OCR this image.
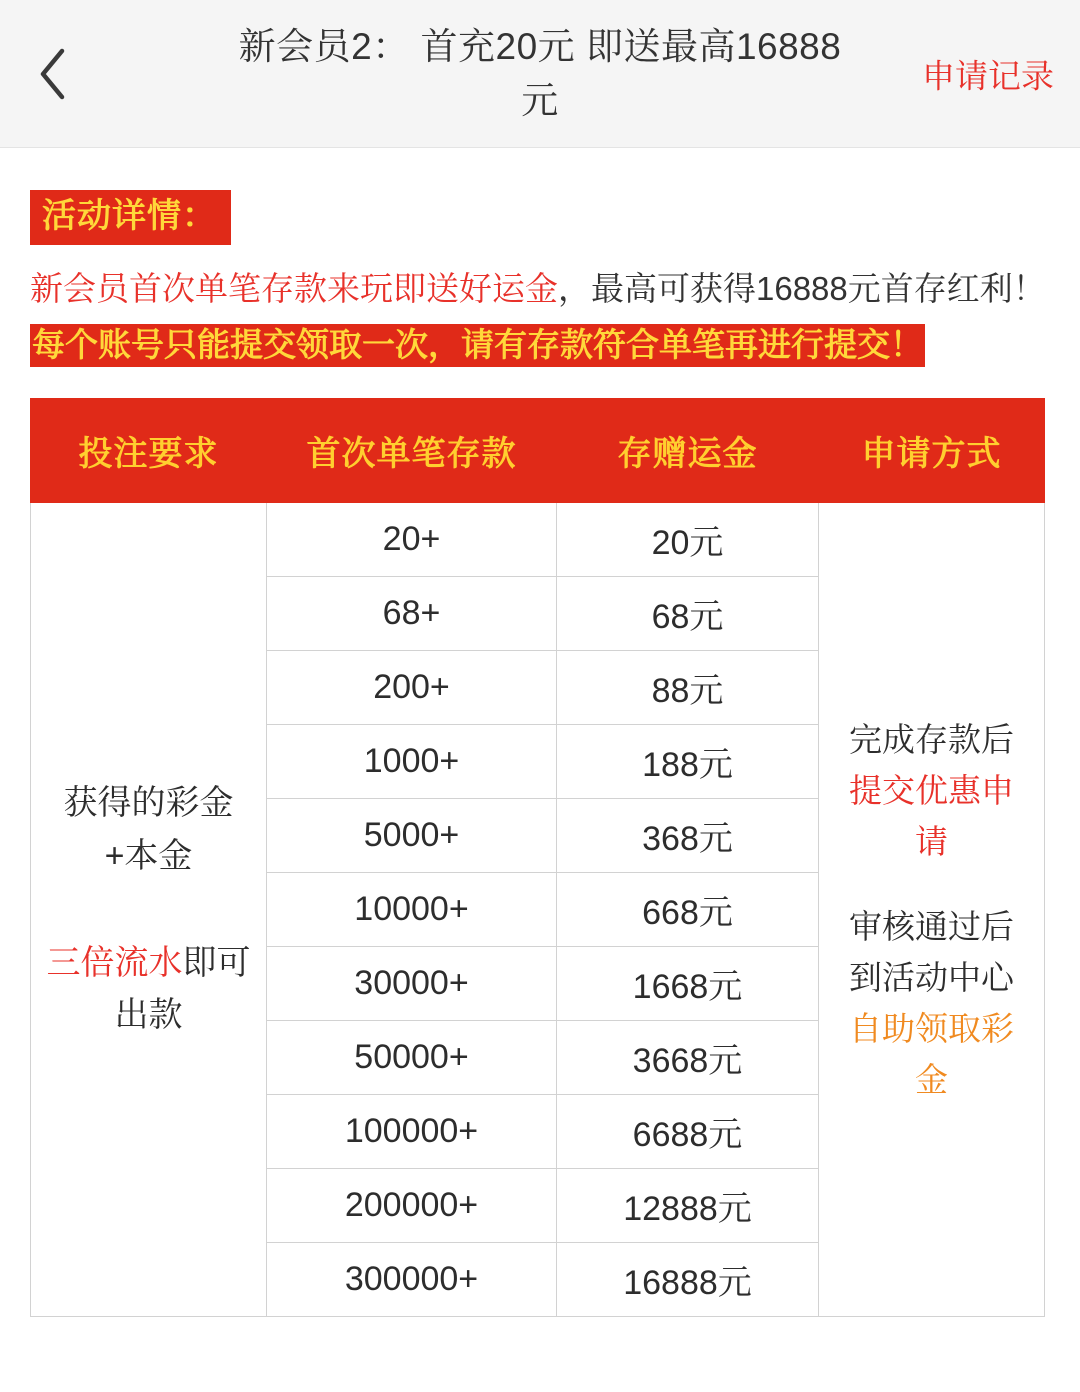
新会员2： 首充20元 即送最高16888元
申请记录
活动详情：
新会员首次单笔存款来玩即送好运金，最高可获得16888元首存红利！每个账号只能提交领取一次，请有存款符合单笔再进行提交！
投注要求	首次单笔存款	存赠运金	申请方式

获得的彩金
+本金
三倍流水即可出款
	20+	20元	
完成存款后
提交优惠申请
审核通过后到活动中心
自助领取彩金

	68+	68元	
	200+	88元	
	1000+	188元	
	5000+	368元	
	10000+	668元	
	30000+	1668元	
	50000+	3668元	
	100000+	6688元	
	200000+	12888元	
	300000+	16888元	
